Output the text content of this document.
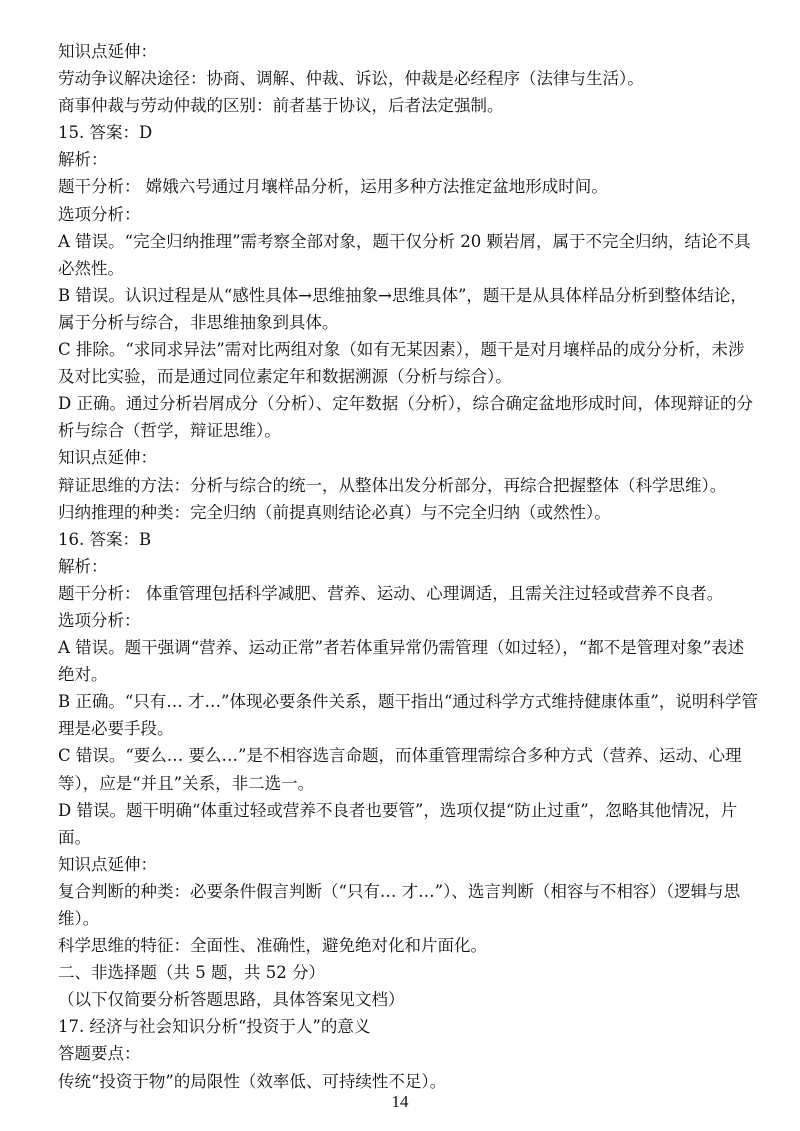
知识点延伸：

劳动争议解决途径：协商、调解、仲裁、诉讼，仲裁是必经程序（法律与生活）。

商事仲裁与劳动仲裁的区别：前者基于协议，后者法定强制。

15. 答案：D

解析：

题干分析： 嫦娥六号通过月壤样品分析，运用多种方法推定盆地形成时间。

选项分析：

A 错误。“完全归纳推理”需考察全部对象，题干仅分析 20 颗岩屑，属于不完全归纳，结论不具必然性。

B 错误。认识过程是从“感性具体→思维抽象→思维具体”，题干是从具体样品分析到整体结论，属于分析与综合，非思维抽象到具体。

C 排除。“求同求异法”需对比两组对象（如有无某因素），题干是对月壤样品的成分分析，未涉及对比实验，而是通过同位素定年和数据溯源（分析与综合）。

D 正确。通过分析岩屑成分（分析）、定年数据（分析），综合确定盆地形成时间，体现辩证的分析与综合（哲学，辩证思维）。

知识点延伸：

辩证思维的方法：分析与综合的统一，从整体出发分析部分，再综合把握整体（科学思维）。

归纳推理的种类：完全归纳（前提真则结论必真）与不完全归纳（或然性）。

16. 答案：B

解析：

题干分析： 体重管理包括科学减肥、营养、运动、心理调适，且需关注过轻或营养不良者。

选项分析：

A 错误。题干强调“营养、运动正常”者若体重异常仍需管理（如过轻），“都不是管理对象”表述绝对。

B 正确。“只有… 才…”体现必要条件关系，题干指出“通过科学方式维持健康体重”，说明科学管理是必要手段。

C 错误。“要么… 要么…”是不相容选言命题，而体重管理需综合多种方式（营养、运动、心理等），应是“并且”关系，非二选一。

D 错误。题干明确“体重过轻或营养不良者也要管”，选项仅提“防止过重”，忽略其他情况，片面。

知识点延伸：

复合判断的种类：必要条件假言判断（“只有… 才…”）、选言判断（相容与不相容）（逻辑与思维）。

科学思维的特征：全面性、准确性，避免绝对化和片面化。

二、非选择题（共 5 题，共 52 分）

（以下仅简要分析答题思路，具体答案见文档）

17. 经济与社会知识分析“投资于人”的意义

答题要点：

传统“投资于物”的局限性（效率低、可持续性不足）。

14
